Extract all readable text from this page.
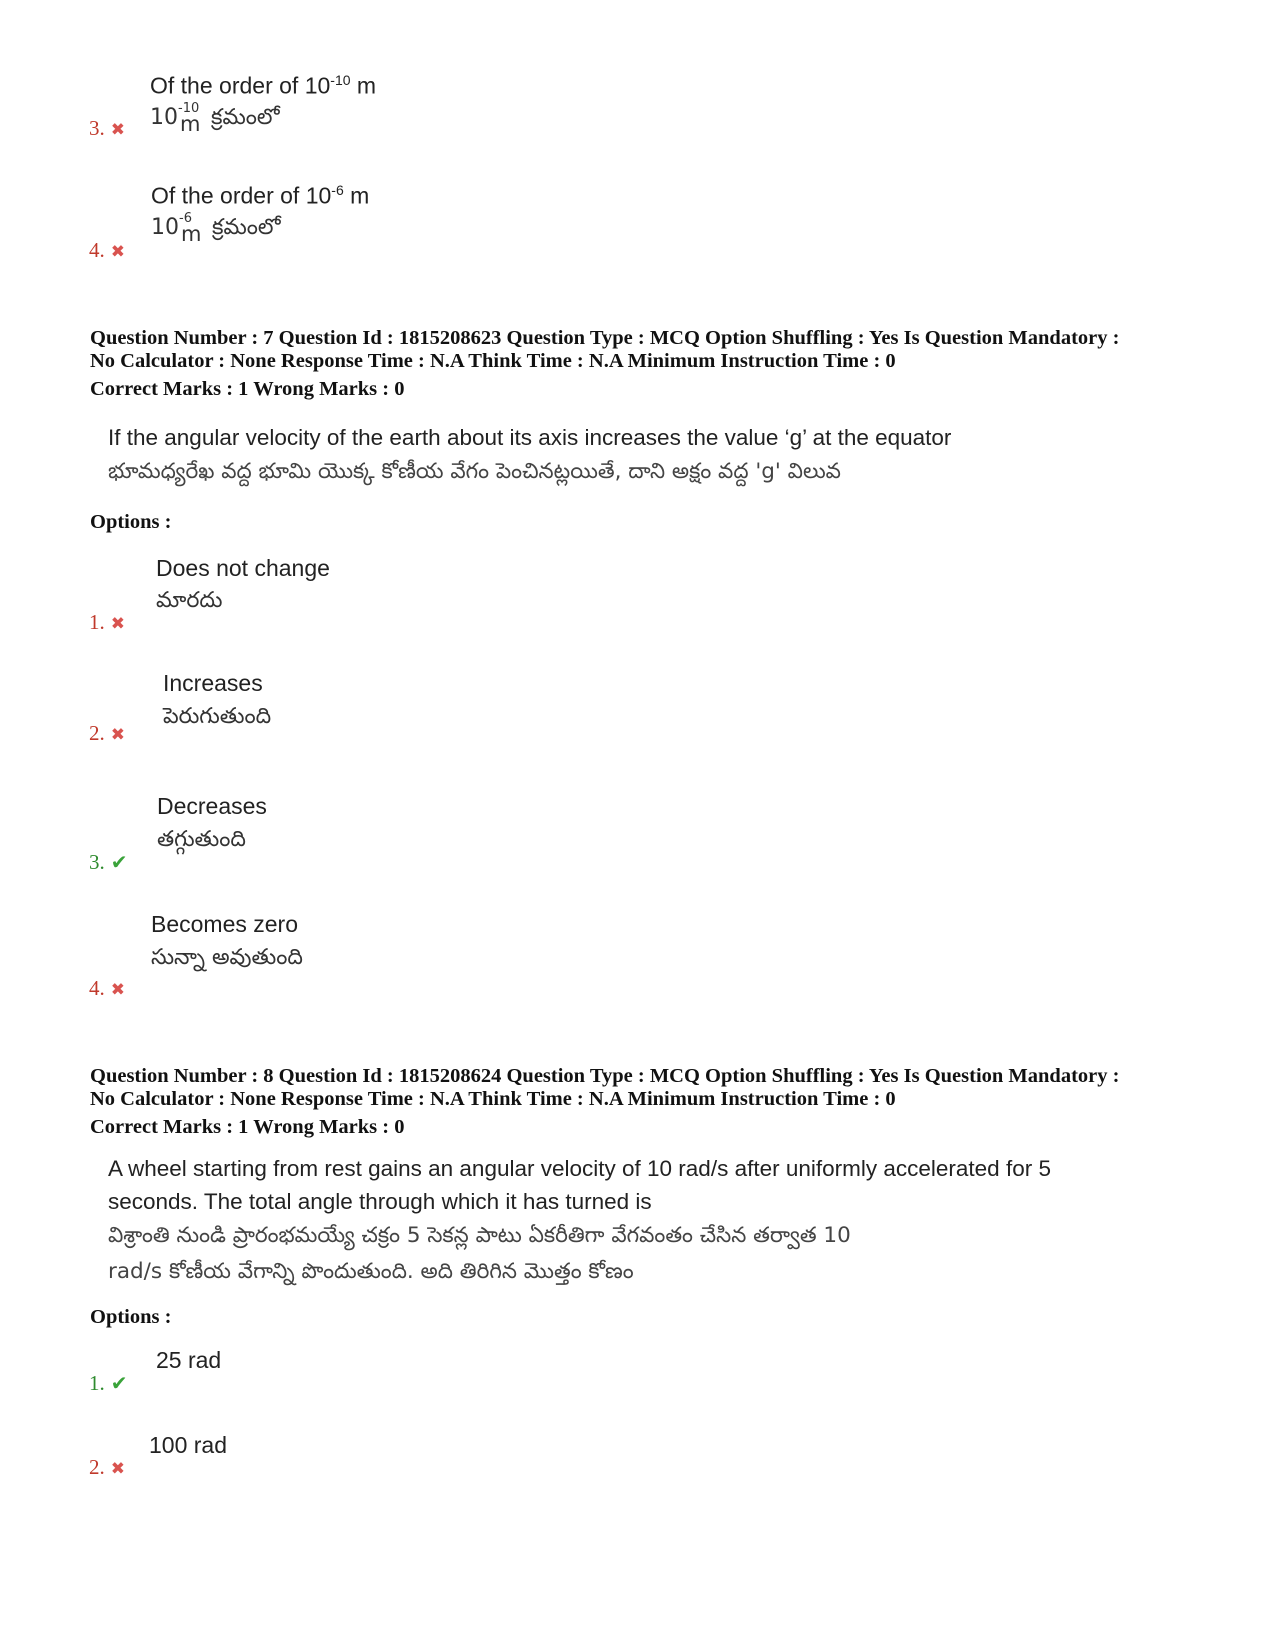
Of the order of $10^{-10}$ m
10 -10
m క్రమంలో
3. ✖
Of the order of $10^{-6}$ m
10 -6
m క్రమంలో
4. ✖
Question Number : 7 Question Id : 1815208623 Question Type : MCQ Option Shuffling : Yes Is Question Mandatory :
No Calculator : None Response Time : N.A Think Time : N.A Minimum Instruction Time : 0
Correct Marks : 1 Wrong Marks : 0
If the angular velocity of the earth about its axis increases the value ‘g’ at the equator
భూమధ్యరేఖ వద్ద భూమి యొక్క కోణీయ వేగం పెంచినట్లయితే, దాని అక్షం వద్ద 'g' విలువ
Options :
Does not change
మారదు
1. ✖
Increases
పెరుగుతుంది
2. ✖
Decreases
తగ్గుతుంది
3. ✔
Becomes zero
సున్నా అవుతుంది
4. ✖
Question Number : 8 Question Id : 1815208624 Question Type : MCQ Option Shuffling : Yes Is Question Mandatory :
No Calculator : None Response Time : N.A Think Time : N.A Minimum Instruction Time : 0
Correct Marks : 1 Wrong Marks : 0
A wheel starting from rest gains an angular velocity of 10 rad/s after uniformly accelerated for 5
seconds. The total angle through which it has turned is
విశ్రాంతి నుండి ప్రారంభమయ్యే చక్రం 5 సెకన్ల పాటు ఏకరీతిగా వేగవంతం చేసిన తర్వాత 10
rad/s కోణీయ వేగాన్ని పొందుతుంది. అది తిరిగిన మొత్తం కోణం
Options :
25 rad
1. ✔
100 rad
2. ✖
